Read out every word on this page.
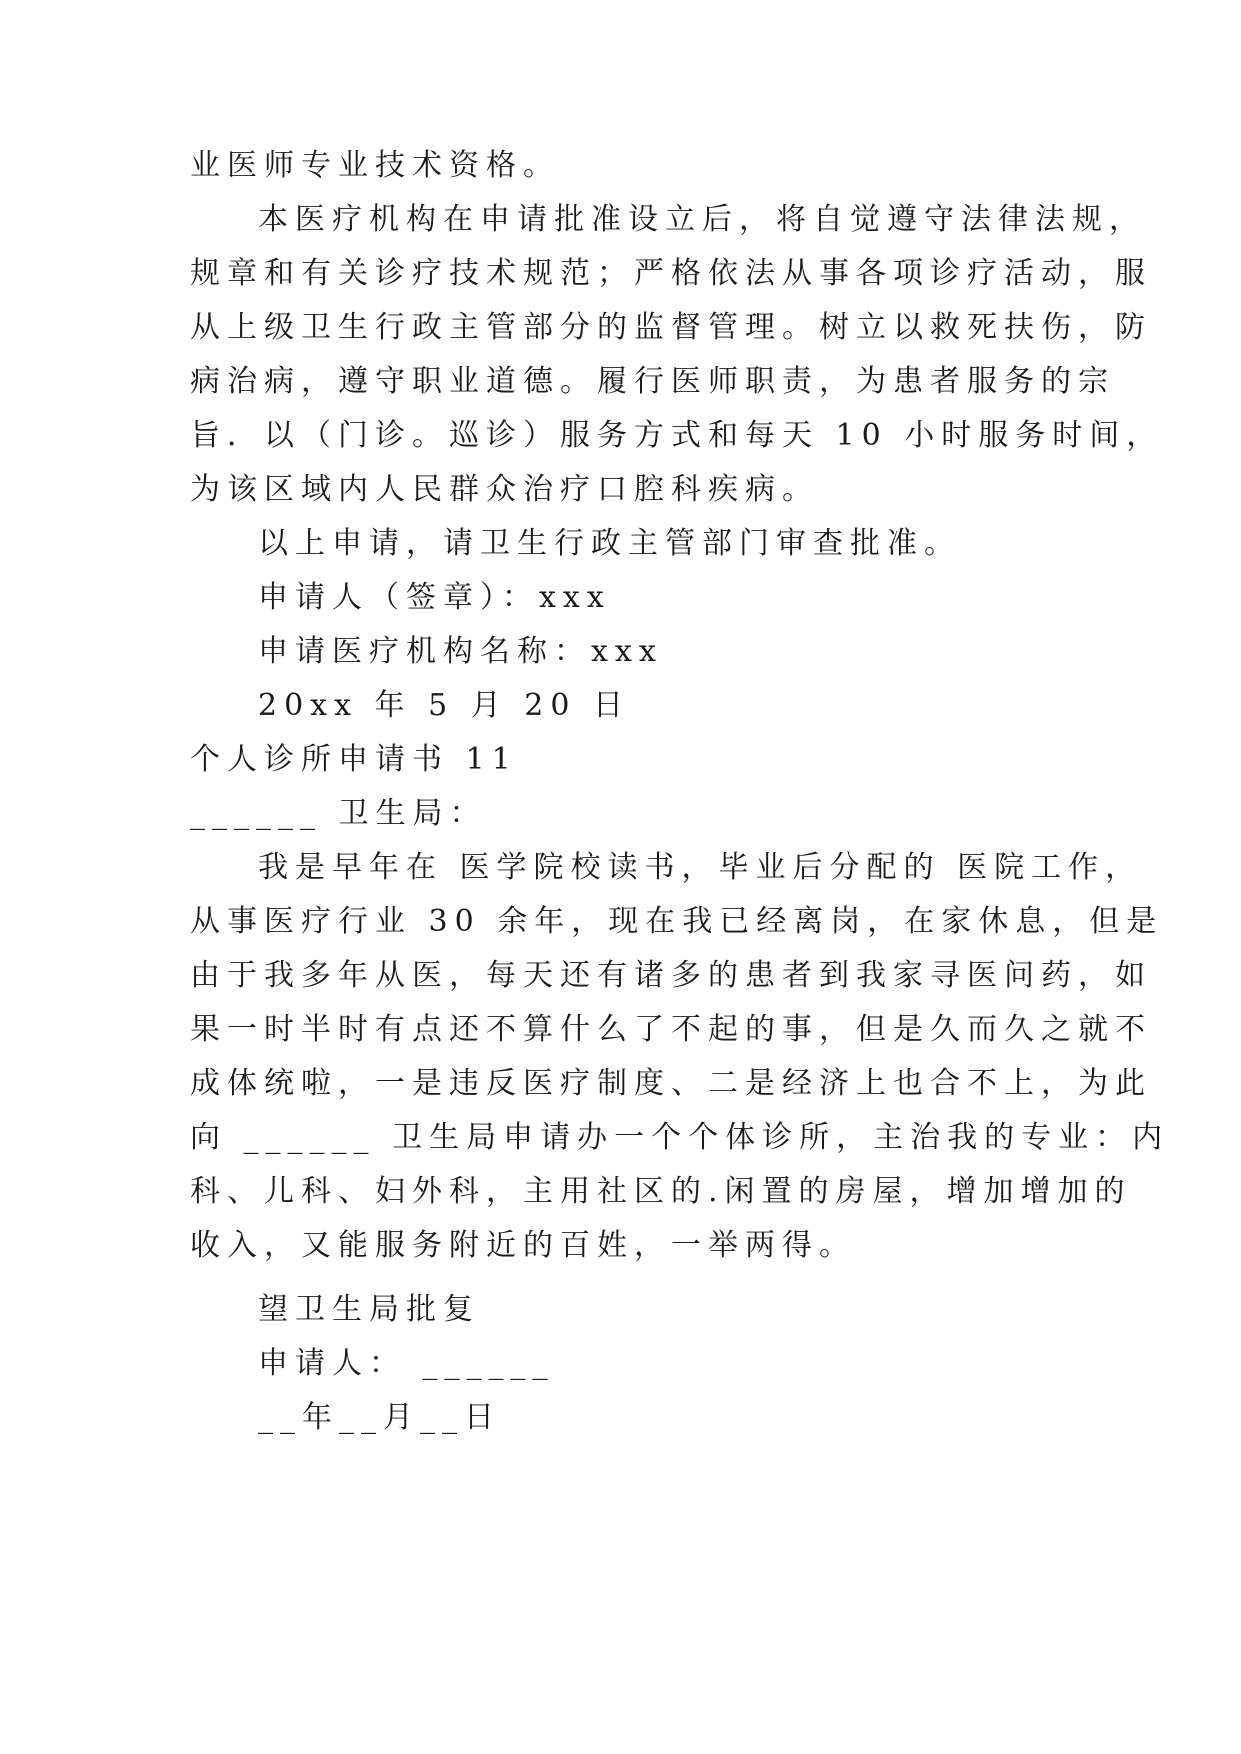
业医师专业技术资格。
本医疗机构在申请批准设立后，将自觉遵守法律法规，
规章和有关诊疗技术规范；严格依法从事各项诊疗活动，服
从上级卫生行政主管部分的监督管理。树立以救死扶伤，防
病治病，遵守职业道德。履行医师职责，为患者服务的宗
旨．以（门诊。巡诊）服务方式和每天 10 小时服务时间，
为该区域内人民群众治疗口腔科疾病。
以上申请，请卫生行政主管部门审查批准。
申请人（签章）：xxx
申请医疗机构名称：xxx
20xx 年 5 月 20 日
个人诊所申请书 11
______ 卫生局：
我是早年在 医学院校读书，毕业后分配的 医院工作，
从事医疗行业 30 余年，现在我已经离岗，在家休息，但是
由于我多年从医，每天还有诸多的患者到我家寻医问药，如
果一时半时有点还不算什么了不起的事，但是久而久之就不
成体统啦，一是违反医疗制度、二是经济上也合不上，为此
向 ______ 卫生局申请办一个个体诊所，主治我的专业：内
科、儿科、妇外科，主用社区的.闲置的房屋，增加增加的
收入，又能服务附近的百姓，一举两得。
望卫生局批复
申请人： ______
__年__月__日
